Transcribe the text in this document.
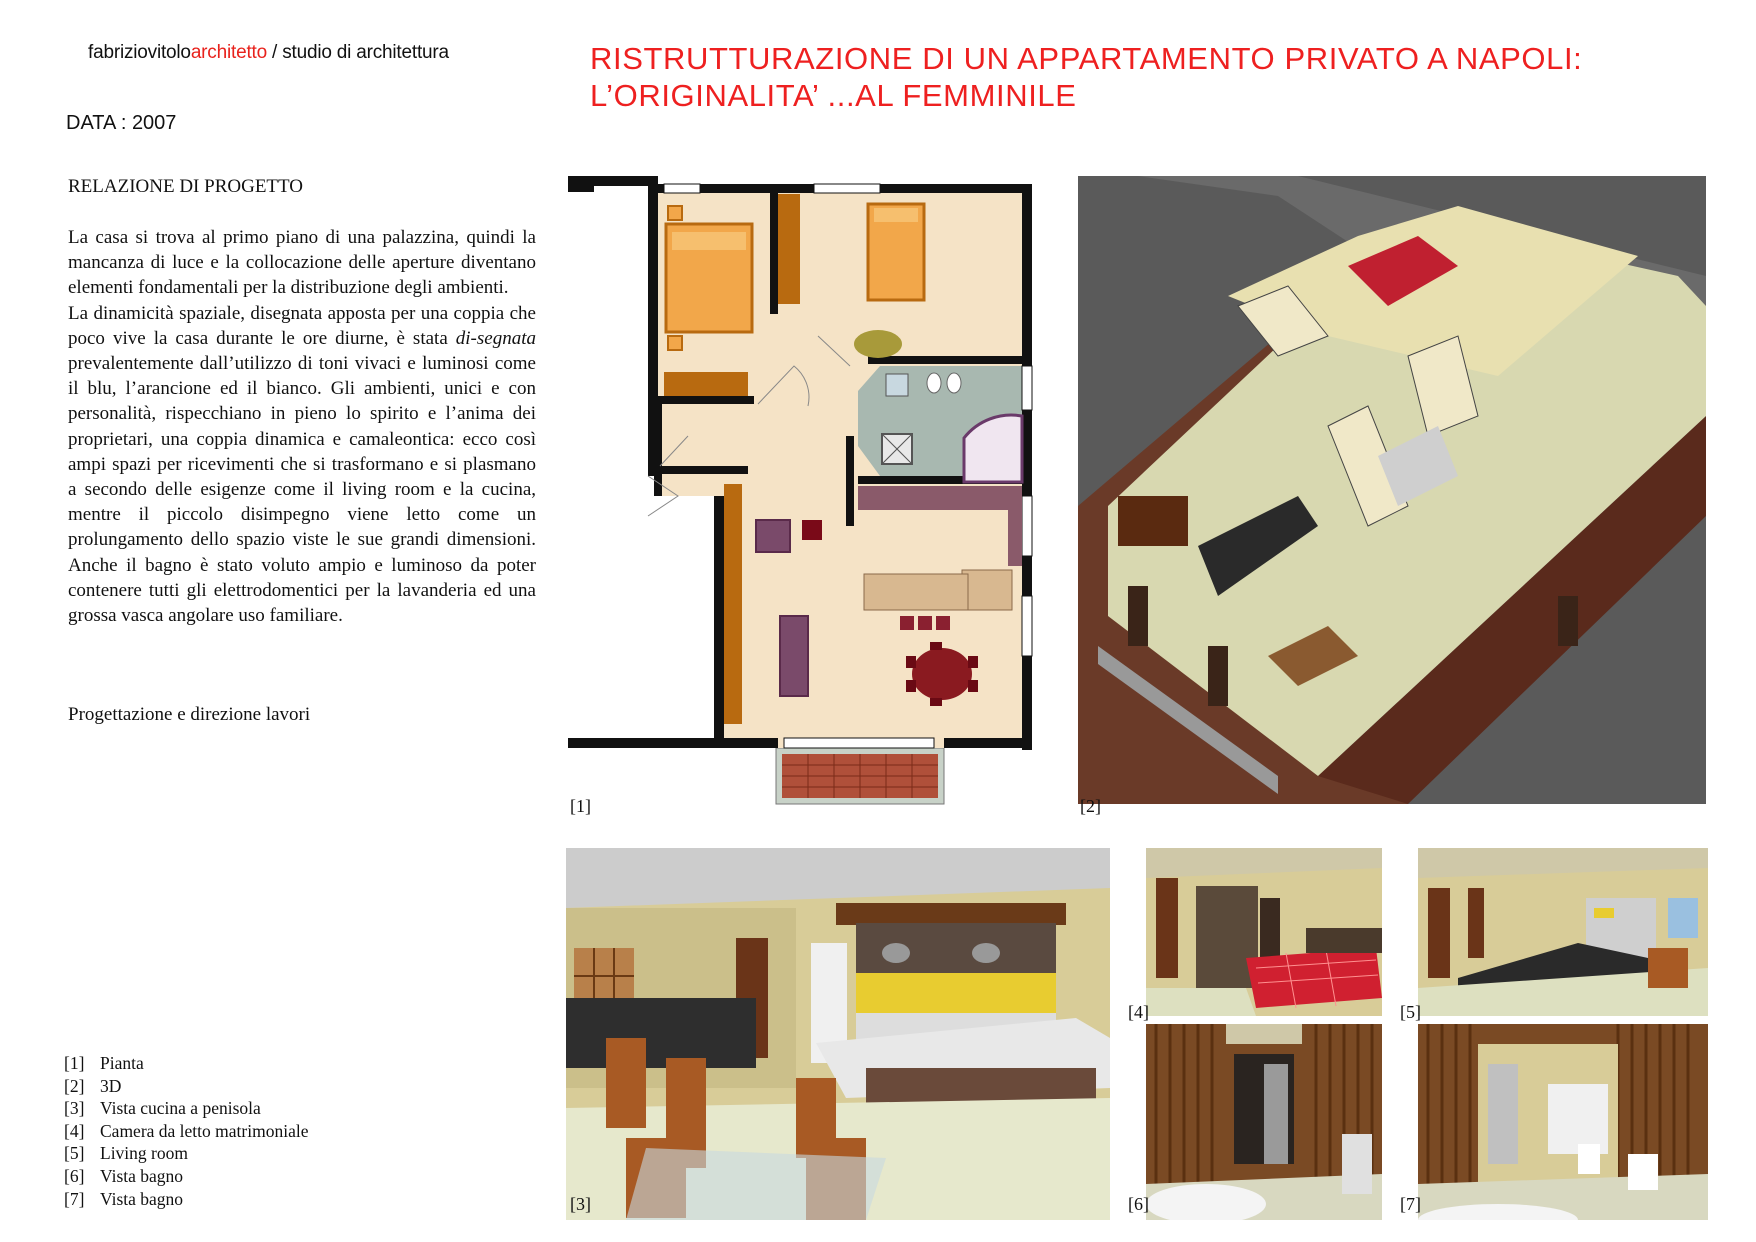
fabriziovitoloarchitetto / studio di architettura
DATA : 2007
RISTRUTTURAZIONE DI UN APPARTAMENTO PRIVATO A NAPOLI:
L’ORIGINALITA’ ...AL FEMMINILE
RELAZIONE DI PROGETTO

La casa si trova al primo piano di una palazzina, quindi la mancanza di luce e la collocazione delle aperture diventano elementi fondamentali per la distribuzione degli ambienti.

La dinamicità spaziale, disegnata apposta per una coppia che poco vive la casa durante le ore diurne, è stata di-segnata prevalentemente dall’utilizzo di toni vivaci e luminosi come il blu, l’arancione ed il bianco. Gli ambienti, unici e con personalità, rispecchiano in pieno lo spirito e l’anima dei proprietari, una coppia dinamica e camaleontica: ecco così ampi spazi per ricevimenti che si trasformano e si plasmano a secondo delle esigenze come il living room e la cucina, mentre il piccolo disimpegno viene letto come un prolungamento dello spazio viste le sue grandi dimensioni. Anche il bagno è stato voluto ampio e luminoso da poter contenere tutti gli elettrodomentici per la lavanderia ed una grossa vasca angolare uso familiare.

Progettazione e direzione lavori
[1] Pianta
[2] 3D
[3] Vista cucina a penisola
[4] Camera da letto matrimoniale
[5] Living room
[6] Vista bagno
[7] Vista bagno
[1]	[2]
[3]
[4]	[5]
[6]	[7]
